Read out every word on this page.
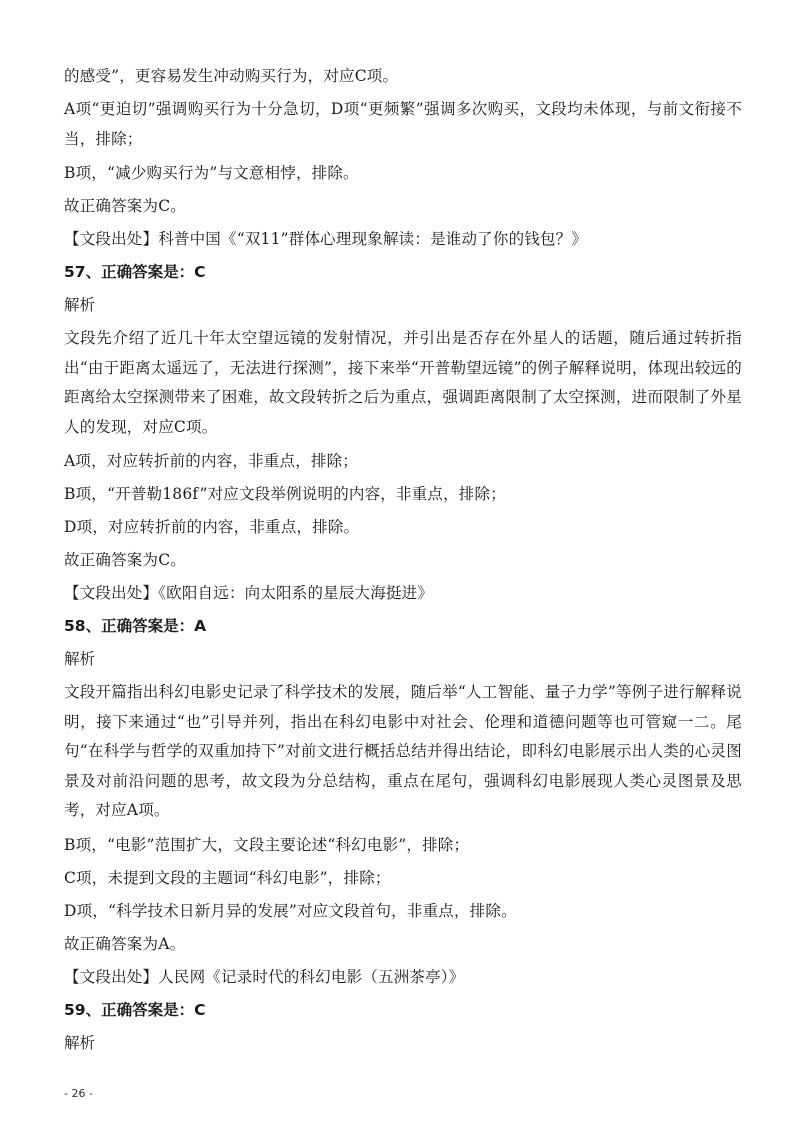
的感受”，更容易发生冲动购买行为，对应C项。

A项“更迫切”强调购买行为十分急切，D项“更频繁”强调多次购买，文段均未体现，与前文衔接不当，排除；

B项，“减少购买行为”与文意相悖，排除。

故正确答案为C。

【文段出处】科普中国《“双11”群体心理现象解读：是谁动了你的钱包？》

57、正确答案是：C

解析

文段先介绍了近几十年太空望远镜的发射情况，并引出是否存在外星人的话题，随后通过转折指出“由于距离太遥远了，无法进行探测”，接下来举“开普勒望远镜”的例子解释说明，体现出较远的距离给太空探测带来了困难，故文段转折之后为重点，强调距离限制了太空探测，进而限制了外星人的发现，对应C项。

A项，对应转折前的内容，非重点，排除；

B项，“开普勒186f”对应文段举例说明的内容，非重点，排除；

D项，对应转折前的内容，非重点，排除。

故正确答案为C。

【文段出处】《欧阳自远：向太阳系的星辰大海挺进》

58、正确答案是：A

解析

文段开篇指出科幻电影史记录了科学技术的发展，随后举“人工智能、量子力学”等例子进行解释说明，接下来通过“也”引导并列，指出在科幻电影中对社会、伦理和道德问题等也可管窥一二。尾句“在科学与哲学的双重加持下”对前文进行概括总结并得出结论，即科幻电影展示出人类的心灵图景及对前沿问题的思考，故文段为分总结构，重点在尾句，强调科幻电影展现人类心灵图景及思考，对应A项。

B项，“电影”范围扩大，文段主要论述“科幻电影”，排除；

C项，未提到文段的主题词“科幻电影”，排除；

D项，“科学技术日新月异的发展”对应文段首句，非重点，排除。

故正确答案为A。

【文段出处】人民网《记录时代的科幻电影（五洲茶亭）》

59、正确答案是：C

解析

- 26 -
